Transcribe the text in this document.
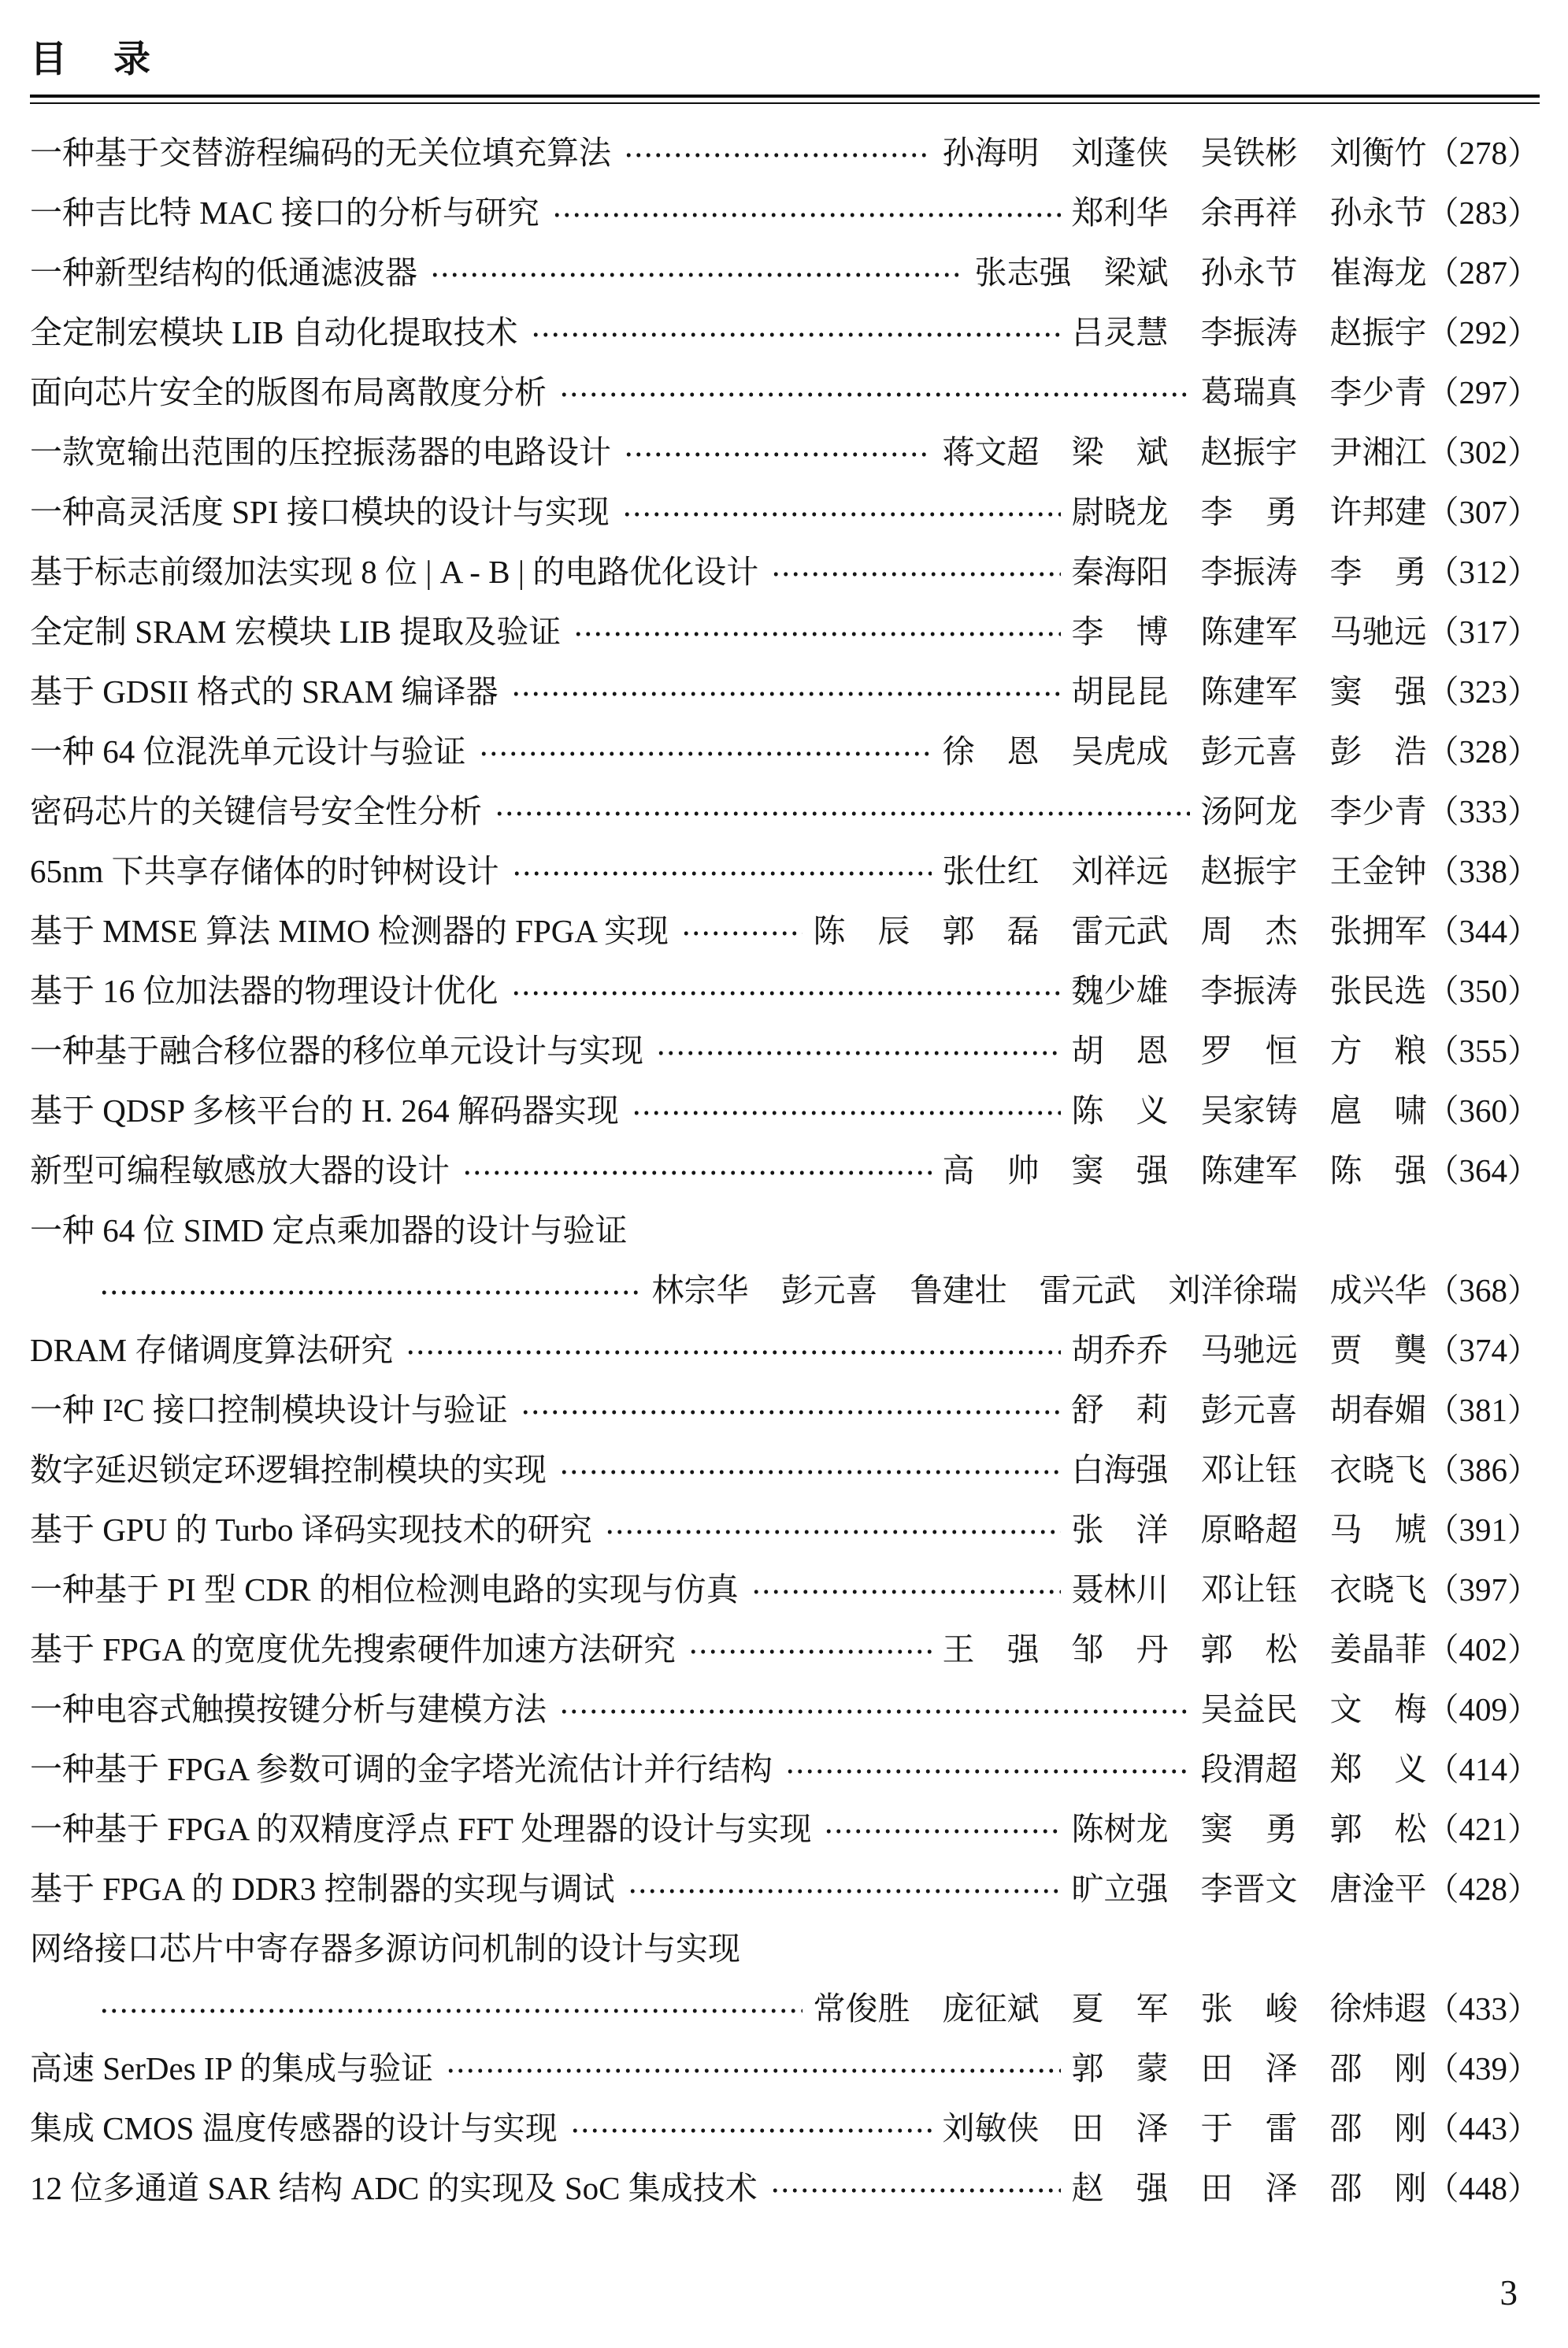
目　录
一种基于交替游程编码的无关位填充算法	孙海明　刘蓬侠　吴铁彬　刘衡竹（278）
一种吉比特 MAC 接口的分析与研究	郑利华　余再祥　孙永节（283）
一种新型结构的低通滤波器	张志强　梁斌　孙永节　崔海龙（287）
全定制宏模块 LIB 自动化提取技术	吕灵慧　李振涛　赵振宇（292）
面向芯片安全的版图布局离散度分析	葛瑞真　李少青（297）
一款宽输出范围的压控振荡器的电路设计	蒋文超　梁　斌　赵振宇　尹湘江（302）
一种高灵活度 SPI 接口模块的设计与实现	尉晓龙　李　勇　许邦建（307）
基于标志前缀加法实现 8 位 | A - B | 的电路优化设计	秦海阳　李振涛　李　勇（312）
全定制 SRAM 宏模块 LIB 提取及验证	李　博　陈建军　马驰远（317）
基于 GDSII 格式的 SRAM 编译器	胡昆昆　陈建军　窦　强（323）
一种 64 位混洗单元设计与验证	徐　恩　吴虎成　彭元喜　彭　浩（328）
密码芯片的关键信号安全性分析	汤阿龙　李少青（333）
65nm 下共享存储体的时钟树设计	张仕红　刘祥远　赵振宇　王金钟（338）
基于 MMSE 算法 MIMO 检测器的 FPGA 实现	陈　辰　郭　磊　雷元武　周　杰　张拥军（344）
基于 16 位加法器的物理设计优化	魏少雄　李振涛　张民选（350）
一种基于融合移位器的移位单元设计与实现	胡　恩　罗　恒　方　粮（355）
基于 QDSP 多核平台的 H. 264 解码器实现	陈　义　吴家铸　扈　啸（360）
新型可编程敏感放大器的设计	高　帅　窦　强　陈建军　陈　强（364）
一种 64 位 SIMD 定点乘加器的设计与验证
林宗华　彭元喜　鲁建壮　雷元武　刘洋徐瑞　成兴华（368）
DRAM 存储调度算法研究	胡乔乔　马驰远　贾　龑（374）
一种 I²C 接口控制模块设计与验证	舒　莉　彭元喜　胡春媚（381）
数字延迟锁定环逻辑控制模块的实现	白海强　邓让钰　衣晓飞（386）
基于 GPU 的 Turbo 译码实现技术的研究	张　洋　原略超　马　虓（391）
一种基于 PI 型 CDR 的相位检测电路的实现与仿真	聂林川　邓让钰　衣晓飞（397）
基于 FPGA 的宽度优先搜索硬件加速方法研究	王　强　邹　丹　郭　松　姜晶菲（402）
一种电容式触摸按键分析与建模方法	吴益民　文　梅（409）
一种基于 FPGA 参数可调的金字塔光流估计并行结构	段渭超　郑　义（414）
一种基于 FPGA 的双精度浮点 FFT 处理器的设计与实现	陈树龙　窦　勇　郭　松（421）
基于 FPGA 的 DDR3 控制器的实现与调试	旷立强　李晋文　唐淦平（428）
网络接口芯片中寄存器多源访问机制的设计与实现
常俊胜　庞征斌　夏　军　张　峻　徐炜遐（433）
高速 SerDes IP 的集成与验证	郭　蒙　田　泽　邵　刚（439）
集成 CMOS 温度传感器的设计与实现	刘敏侠　田　泽　于　雷　邵　刚（443）
12 位多通道 SAR 结构 ADC 的实现及 SoC 集成技术	赵　强　田　泽　邵　刚（448）
3
